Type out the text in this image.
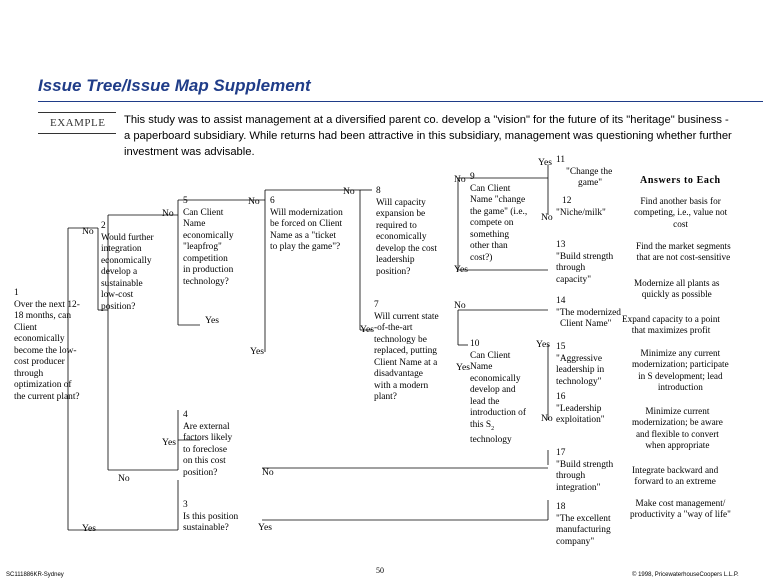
Issue Tree/Issue Map Supplement
EXAMPLE This study was to assist management at a diversified parent co. develop a "vision" for the future of its "heritage" business - a paperboard subsidiary. While returns had been attractive in this subsidiary, management was questioning whether further investment was advisable.
1
Over the next 12-
18 months, can
Client
economically
become the low-
cost producer
through
optimization of
the current plant?
2
Would further
integration
economically
develop a
sustainable
low-cost
position?
5
Can Client
Name
economically
"leapfrog"
competition
in production
technology?
6
Will modernization
be forced on Client
Name as a "ticket
to play the game"?
8
Will capacity
expansion be
required to
economically
develop the cost
leadership
position?
9
Can Client
Name "change
the game" (i.e.,
compete on
something
other than
cost?)
7
Will current state
-of-the-art
technology be
replaced, putting
Client Name at a
disadvantage
with a modern
plant?
10
Can Client
Name
economically
develop and
lead the
introduction of
this $S_2$
technology
4
Are external
factors likely
to foreclose
on this cost
position?
3
Is this position
sustainable?
11
"Change the
game"
12
"Niche/milk"
13
"Build strength
through
capacity"
14
"The modernized
Client Name"
15
"Aggressive
leadership in
technology"
16
"Leadership
exploitation"
17
"Build strength
through
integration"
18
"The excellent
manufacturing
company"
No
No
No
No
No
No
No
No
No
No
Yes
Yes
Yes
Yes
Yes
Yes
Yes
Yes
Yes
Yes
Answers to Each
Find another basis for
competing, i.e., value not
cost
Find the market segments
that are not cost-sensitive
Modernize all plants as
quickly as possible
Expand capacity to a point
that maximizes profit
Minimize any current
modernization; participate
in S development; lead
introduction
Minimize current
modernization; be aware
and flexible to convert
when appropriate
Integrate backward and
forward to an extreme
Make cost management/
productivity a "way of life"
SC111886KR-Sydney	50	© 1998, PricewaterhouseCoopers L.L.P.
